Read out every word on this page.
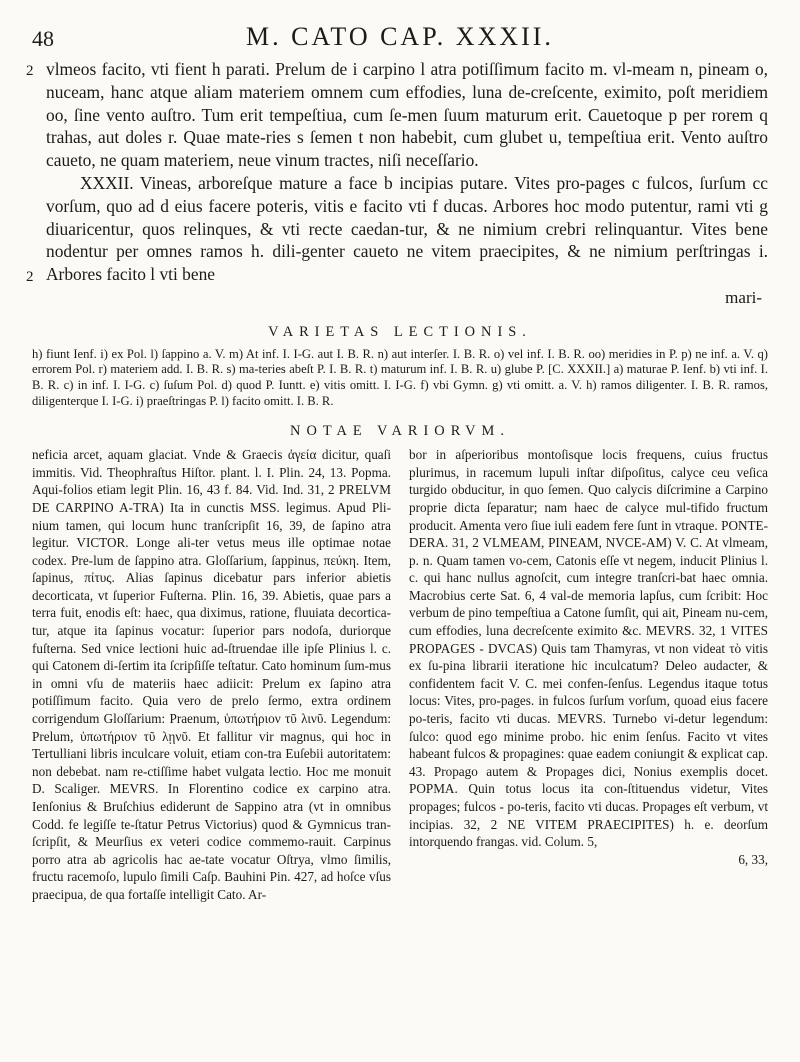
48	M. CATO CAP. XXXII.
2
2

vlmeos facito, vti fient h parati. Prelum de i carpino l atra potiſſimum facito m. vl-meam n, pineam o, nuceam, hanc atque aliam materiem omnem cum effodies, luna de-creſcente, eximito, poſt meridiem oo, ſine vento auſtro. Tum erit tempeſtiua, cum ſe-men ſuum maturum erit. Cauetoque p per rorem q trahas, aut doles r. Quae mate-ries s ſemen t non habebit, cum glubet u, tempeſtiua erit. Vento auſtro caueto, ne quam materiem, neue vinum tractes, niſi neceſſario.

XXXII. Vineas, arboreſque mature a face b incipias putare. Vites pro-pages c fulcos, ſurſum cc vorſum, quo ad d eius facere poteris, vitis e facito vti f ducas. Arbores hoc modo putentur, rami vti g diuaricentur, quos relinques, & vti recte caedan-tur, & ne nimium crebri relinquantur. Vites bene nodentur per omnes ramos h. dili-genter caueto ne vitem praecipites, & ne nimium perſtringas i. Arbores facito l vti bene

mari-
VARIETAS LECTIONIS.

h) fiunt Ienf. i) ex Pol. l) ſappino a. V. m) At inf. I. I-G. aut I. B. R. n) aut interſer. I. B. R. o) vel inf. I. B. R. oo) meridies in P. p) ne inf. a. V. q) errorem Pol. r) materiem add. I. B. R. s) ma-teries abeſt P. I. B. R. t) maturum inf. I. B. R. u) glube P. [C. XXXII.] a) maturae P. Ienf. b) vti inf. I. B. R. c) in inf. I. I-G. c) ſuſum Pol. d) quod P. Iuntt. e) vitis omitt. I. I-G. f) vbi Gymn. g) vti omitt. a. V. h) ramos diligenter. I. B. R. ramos, diligenterque I. I-G. i) praeſtringas P. l) facito omitt. I. B. R.

NOTAE VARIORVM.

neficia arcet, aquam glaciat. Vnde & Graecis ἀγεία dicitur, quaſi immitis. Vid. Theophraſtus Hiſtor. plant. l. I. Plin. 24, 13. Popma. Aqui-folios etiam legit Plin. 16, 43 f. 84. Vid. Ind. 31, 2 PRELVM DE CARPINO A-TRA) Ita in cunctis MSS. legimus. Apud Pli-nium tamen, qui locum hunc tranſcripſit 16, 39, de ſapino atra legitur. VICTOR. Longe ali-ter vetus meus ille optimae notae codex. Pre-lum de ſappino atra. Gloſſarium, ſappinus, πεύκη. Item, ſapinus, πίτυς. Alias ſapinus dicebatur pars inferior abietis decorticata, vt ſuperior Fuſterna. Plin. 16, 39. Abietis, quae pars a terra fuit, enodis eſt: haec, qua diximus, ratione, fluuiata decortica-tur, atque ita ſapinus vocatur: ſuperior pars nodoſa, duriorque fuſterna. Sed vnice lectioni huic ad-ſtruendae ille ipſe Plinius l. c. qui Catonem di-ſertim ita ſcripſiſſe teſtatur. Cato hominum ſum-mus in omni vſu de materiis haec adiicit: Prelum ex ſapino atra potiſſimum facito. Quia vero de prelo ſermo, extra ordinem corrigendum Gloſſarium: Praenum, ὑπωτήριον τῦ λινῦ. Legendum: Prelum, ὑπωτήριον τῦ λῃνῦ. Et fallitur vir magnus, qui hoc in Tertulliani libris inculcare voluit, etiam con-tra Euſebii autoritatem: non debebat. nam re-ctiſſime habet vulgata lectio. Hoc me monuit D. Scaliger. MEVRS. In Florentino codice ex carpino atra. Ienſonius & Bruſchius ediderunt de Sappino atra (vt in omnibus Codd. fe legiſſe te-ſtatur Petrus Victorius) quod & Gymnicus tran-ſcripſit, & Meurſius ex veteri codice commemo-rauit. Carpinus porro atra ab agricolis hac ae-tate vocatur Oſtrya, vlmo ſimilis, fructu racemoſo, lupulo ſimili Caſp. Bauhini Pin. 427, ad hoſce vſus praecipua, de qua fortaſſe intelligit Cato. Ar-

bor in aſperioribus montoſisque locis frequens, cuius fructus plurimus, in racemum lupuli inſtar diſpoſitus, calyce ceu veſica turgido obducitur, in quo ſemen. Quo calycis diſcrimine a Carpino proprie dicta ſeparatur; nam haec de calyce mul-tifido fructum producit. Amenta vero ſiue iuli eadem fere ſunt in vtraque. PONTE-DERA. 31, 2 VLMEAM, PINEAM, NVCE-AM) V. C. At vlmeam, p. n. Quam tamen vo-cem, Catonis eſſe vt negem, inducit Plinius l. c. qui hanc nullus agnoſcit, cum integre tranſcri-bat haec omnia. Macrobius certe Sat. 6, 4 val-de memoria lapſus, cum ſcribit: Hoc verbum de pino tempeſtiua a Catone ſumſit, qui ait, Pineam nu-cem, cum effodies, luna decreſcente eximito &c. MEVRS. 32, 1 VITES PROPAGES - DVCAS) Quis tam Thamyras, vt non videat τὸ vitis ex ſu-pina librarii iteratione hic inculcatum? Deleo audacter, & confidentem facit V. C. mei confen-ſenſus. Legendus itaque totus locus: Vites, pro-pages. in fulcos ſurſum vorſum, quoad eius facere po-teris, facito vti ducas. MEVRS. Turnebo vi-detur legendum: ſulco: quod ego minime probo. hic enim ſenſus. Facito vt vites habeant fulcos & propagines: quae eadem coniungit & explicat cap. 43. Propago autem & Propages dici, Nonius exemplis docet. POPMA. Quin totus locus ita con-ſtituendus videtur, Vites propages; fulcos - po-teris, facito vti ducas. Propages eſt verbum, vt incipias. 32, 2 NE VITEM PRAECIPITES) h. e. deorſum intorquendo frangas. vid. Colum. 5,

6, 33,
